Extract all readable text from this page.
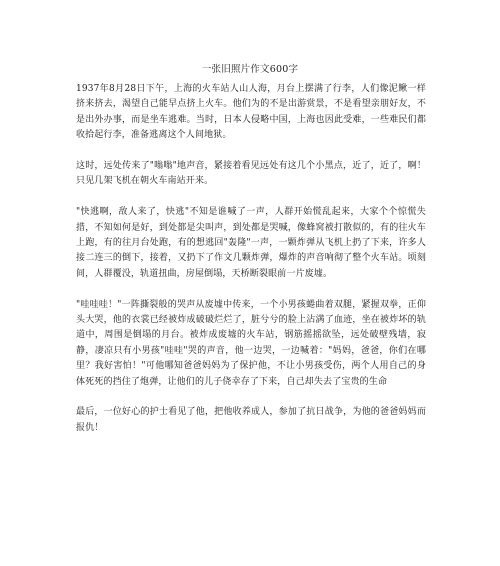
一张旧照片作文600字

1937年8月28日下午，上海的火车站人山人海，月台上摆满了行李，人们像泥鳅一样挤来挤去，渴望自己能早点挤上火车。他们为的不是出游赏景，不是看望亲朋好友，不是出外办事，而是坐车逃难。当时，日本人侵略中国，上海也因此受难，一些难民们都收拾起行李，准备逃离这个人间地狱。

这时，远处传来了"嗡嗡"地声音，紧接着看见远处有这几个小黑点，近了，近了，啊！只见几架飞机在朝火车南站开来。

"快逃啊，敌人来了，快逃"不知是谁喊了一声，人群开始慌乱起来，大家个个惊慌失措，不知如何是好，到处都是尖叫声，到处都是哭喊，像蜂窝被打散似的，有的往火车上跑，有的往月台处跑，有的想逃回"轰隆"一声，一颗炸弹从飞机上扔了下来，许多人接二连三的倒下，接着，又扔下了作文几颗炸弹，爆炸的声音响彻了整个火车站。顷刻间，人群覆没，轨道扭曲，房屋倒塌，天桥断裂眼前一片废墟。

"哇哇哇！"一阵撕裂般的哭声从废墟中传来，一个小男孩蜷曲着双腿，紧握双拳，正仰头大哭，他的衣裳已经被炸成破破烂烂了，脏兮兮的脸上沾满了血迹，坐在被炸坏的轨道中，周围是倒塌的月台。被炸成废墟的火车站，钢筋摇摇欲坠，远处破壁残墙，寂静，凄凉只有小男孩"哇哇"哭的声音，他一边哭，一边喊着："妈妈，爸爸，你们在哪里？我好害怕！"可他哪知爸爸妈妈为了保护他，不让小男孩受伤，两个人用自己的身体死死的挡住了炮弹，让他们的儿子侥幸存了下来，自己却失去了宝贵的生命

最后，一位好心的护士看见了他，把他收养成人，参加了抗日战争，为他的爸爸妈妈而报仇！
